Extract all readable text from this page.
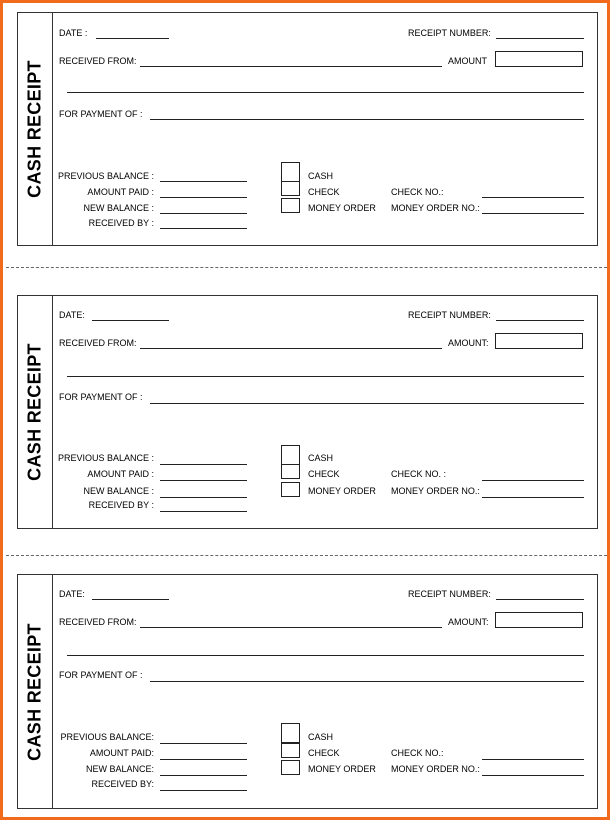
CASH RECEIPT
DATE :	RECEIPT NUMBER:
RECEIVED FROM:	AMOUNT
FOR PAYMENT OF :
PREVIOUS BALANCE :
AMOUNT PAID :
NEW BALANCE :
RECEIVED BY :
CASH
CHECK
MONEY ORDER
CHECK NO.:
MONEY ORDER NO.:
CASH RECEIPT
DATE:	RECEIPT NUMBER:
RECEIVED FROM:	AMOUNT:
FOR PAYMENT OF :
PREVIOUS BALANCE :
AMOUNT PAID :
NEW BALANCE :
RECEIVED BY :
CASH
CHECK
MONEY ORDER
CHECK NO. :
MONEY ORDER NO.:
CASH RECEIPT
DATE:	RECEIPT NUMBER:
RECEIVED FROM:	AMOUNT:
FOR PAYMENT OF :
PREVIOUS BALANCE:
AMOUNT PAID:
NEW BALANCE:
RECEIVED BY:
CASH
CHECK
MONEY ORDER
CHECK NO.:
MONEY ORDER NO.:
